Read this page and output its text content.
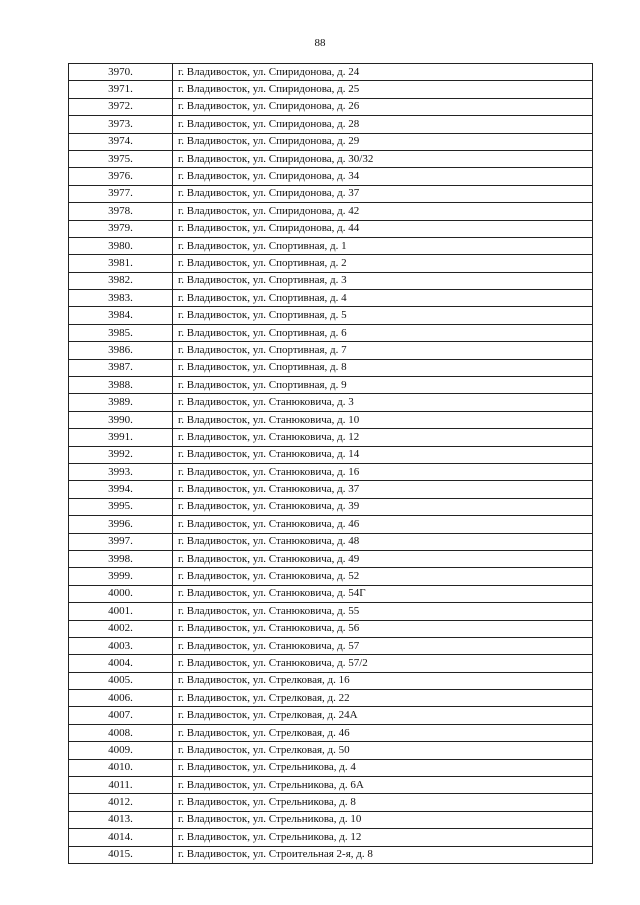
88
3970.	г. Владивосток, ул. Спиридонова, д. 24
3971.	г. Владивосток, ул. Спиридонова, д. 25
3972.	г. Владивосток, ул. Спиридонова, д. 26
3973.	г. Владивосток, ул. Спиридонова, д. 28
3974.	г. Владивосток, ул. Спиридонова, д. 29
3975.	г. Владивосток, ул. Спиридонова, д. 30/32
3976.	г. Владивосток, ул. Спиридонова, д. 34
3977.	г. Владивосток, ул. Спиридонова, д. 37
3978.	г. Владивосток, ул. Спиридонова, д. 42
3979.	г. Владивосток, ул. Спиридонова, д. 44
3980.	г. Владивосток, ул. Спортивная, д. 1
3981.	г. Владивосток, ул. Спортивная, д. 2
3982.	г. Владивосток, ул. Спортивная, д. 3
3983.	г. Владивосток, ул. Спортивная, д. 4
3984.	г. Владивосток, ул. Спортивная, д. 5
3985.	г. Владивосток, ул. Спортивная, д. 6
3986.	г. Владивосток, ул. Спортивная, д. 7
3987.	г. Владивосток, ул. Спортивная, д. 8
3988.	г. Владивосток, ул. Спортивная, д. 9
3989.	г. Владивосток, ул. Станюковича, д. 3
3990.	г. Владивосток, ул. Станюковича, д. 10
3991.	г. Владивосток, ул. Станюковича, д. 12
3992.	г. Владивосток, ул. Станюковича, д. 14
3993.	г. Владивосток, ул. Станюковича, д. 16
3994.	г. Владивосток, ул. Станюковича, д. 37
3995.	г. Владивосток, ул. Станюковича, д. 39
3996.	г. Владивосток, ул. Станюковича, д. 46
3997.	г. Владивосток, ул. Станюковича, д. 48
3998.	г. Владивосток, ул. Станюковича, д. 49
3999.	г. Владивосток, ул. Станюковича, д. 52
4000.	г. Владивосток, ул. Станюковича, д. 54Г
4001.	г. Владивосток, ул. Станюковича, д. 55
4002.	г. Владивосток, ул. Станюковича, д. 56
4003.	г. Владивосток, ул. Станюковича, д. 57
4004.	г. Владивосток, ул. Станюковича, д. 57/2
4005.	г. Владивосток, ул. Стрелковая, д. 16
4006.	г. Владивосток, ул. Стрелковая, д. 22
4007.	г. Владивосток, ул. Стрелковая, д. 24А
4008.	г. Владивосток, ул. Стрелковая, д. 46
4009.	г. Владивосток, ул. Стрелковая, д. 50
4010.	г. Владивосток, ул. Стрельникова, д. 4
4011.	г. Владивосток, ул. Стрельникова, д. 6А
4012.	г. Владивосток, ул. Стрельникова, д. 8
4013.	г. Владивосток, ул. Стрельникова, д. 10
4014.	г. Владивосток, ул. Стрельникова, д. 12
4015.	г. Владивосток, ул. Строительная 2-я, д. 8
